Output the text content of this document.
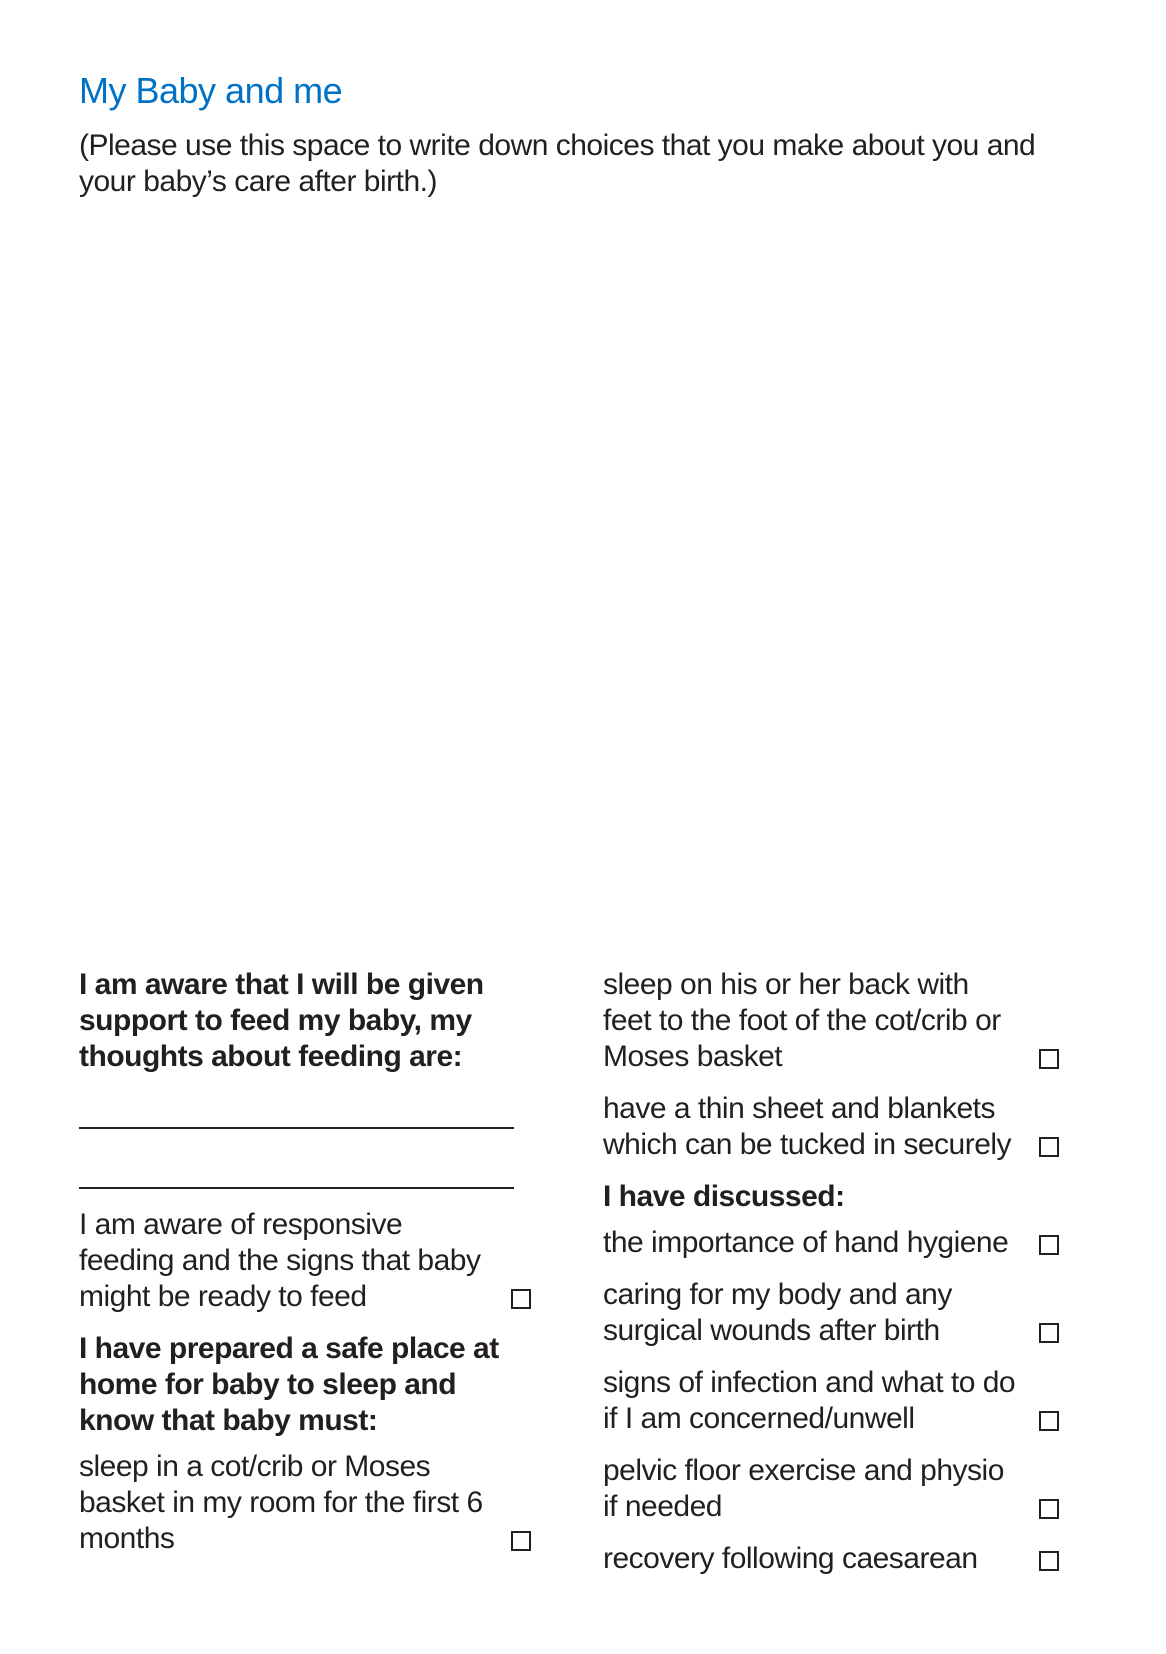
My Baby and me
(Please use this space to write down choices that you make about you and your baby’s care after birth.)
I am aware that I will be given support to feed my baby, my thoughts about feeding are:
I am aware of responsive feeding and the signs that baby might be ready to feed
I have prepared a safe place at home for baby to sleep and know that baby must:
sleep in a cot/crib or Moses basket in my room for the first 6 months
sleep on his or her back with feet to the foot of the cot/crib or Moses basket
have a thin sheet and blankets which can be tucked in securely
I have discussed:
the importance of hand hygiene
caring for my body and any surgical wounds after birth
signs of infection and what to do if I am concerned/unwell
pelvic floor exercise and physio if needed
recovery following caesarean
